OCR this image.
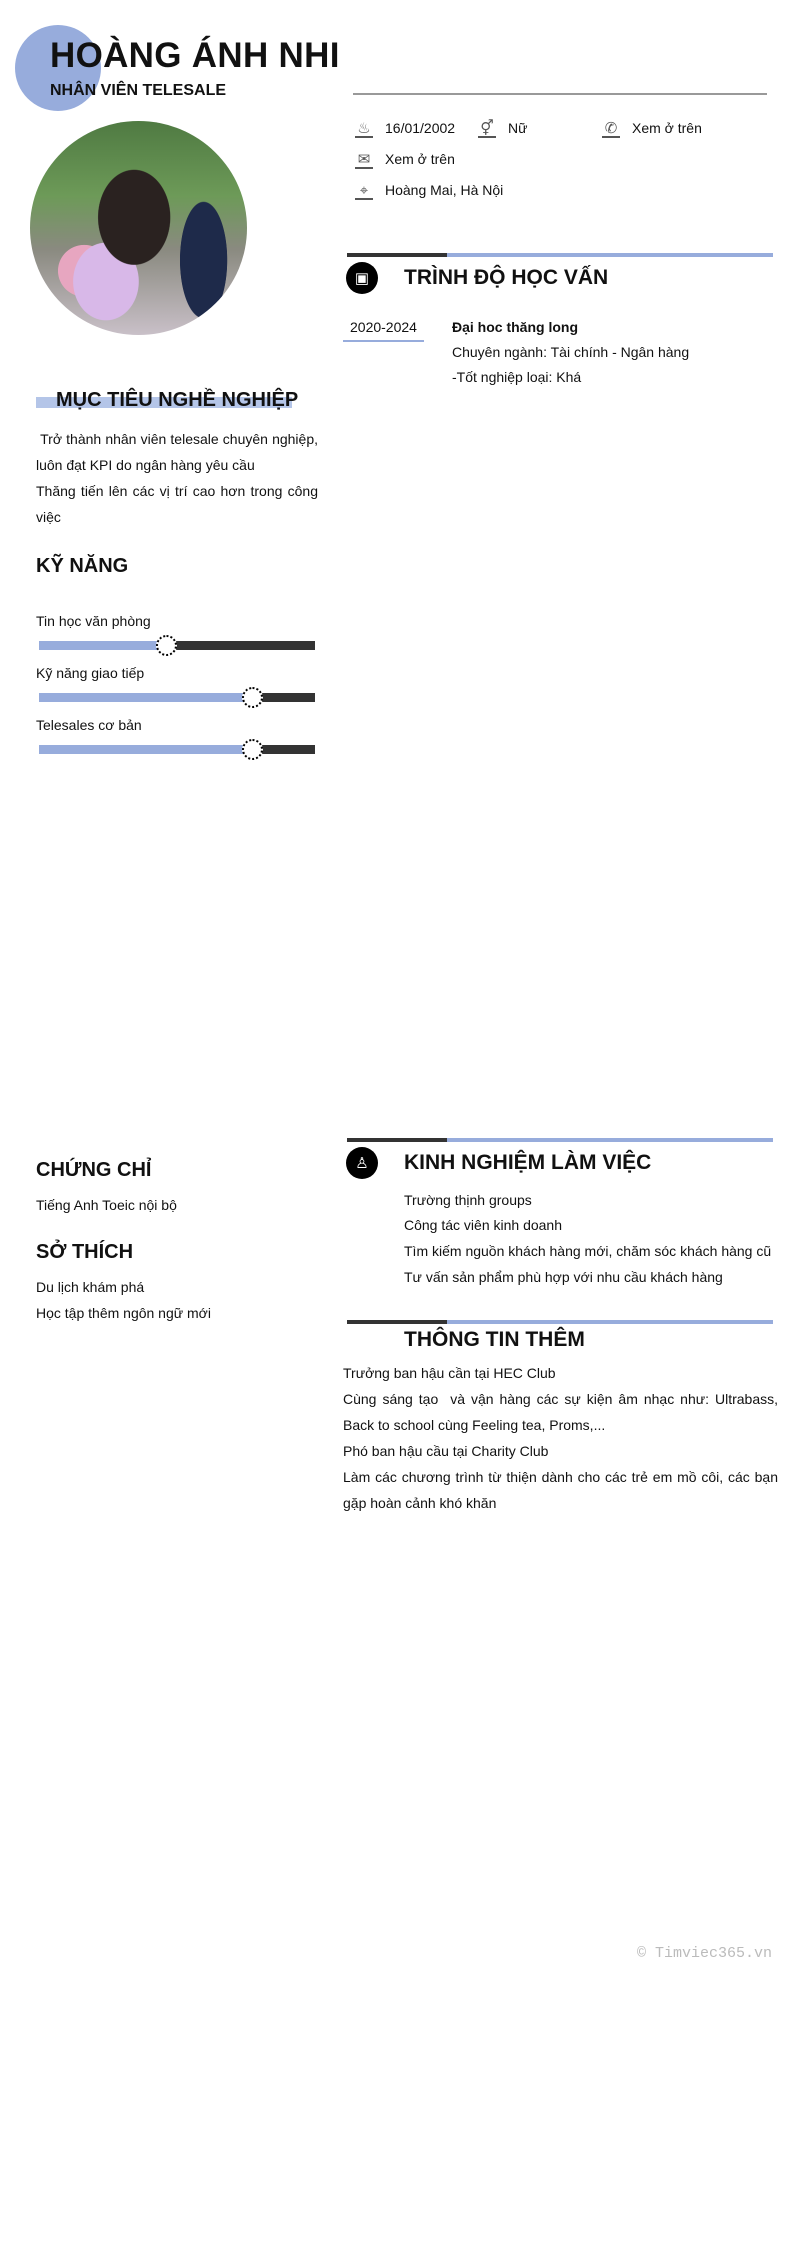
HOÀNG ÁNH NHI
NHÂN VIÊN TELESALE
♨ 16/01/2002 ⚥ Nữ	✆ Xem ở trên
✉ Xem ở trên
⌖	Hoàng Mai, Hà Nội
▣	TRÌNH ĐỘ HỌC VẤN
2020-2024	Đại hoc thăng long
Chuyên ngành: Tài chính - Ngân hàng
-Tốt nghiệp loại: Khá
MỤC TIÊU NGHỀ NGHIỆP
Trở thành nhân viên telesale chuyên nghiệp, luôn đạt KPI do ngân hàng yêu cầu
Thăng tiến lên các vị trí cao hơn trong công việc
KỸ NĂNG
Tin học văn phòng
Kỹ năng giao tiếp
Telesales cơ bản
CHỨNG CHỈ
Tiếng Anh Toeic nội bộ
SỞ THÍCH
Du lịch khám phá
Học tập thêm ngôn ngữ mới
♙	KINH NGHIỆM LÀM VIỆC
Trường thịnh groups
Công tác viên kinh doanh
Tìm kiếm nguồn khách hàng mới, chăm sóc khách hàng cũ
Tư vấn sản phẩm phù hợp với nhu cầu khách hàng
THÔNG TIN THÊM
Trưởng ban hậu cần tại HEC Club
Cùng sáng tạo  và vận hàng các sự kiện âm nhạc như: Ultrabass, Back to school cùng Feeling tea, Proms,...
Phó ban hậu cầu tại Charity Club
Làm các chương trình từ thiện dành cho các trẻ em mồ côi, các bạn gặp hoàn cảnh khó khăn
© Timviec365.vn
